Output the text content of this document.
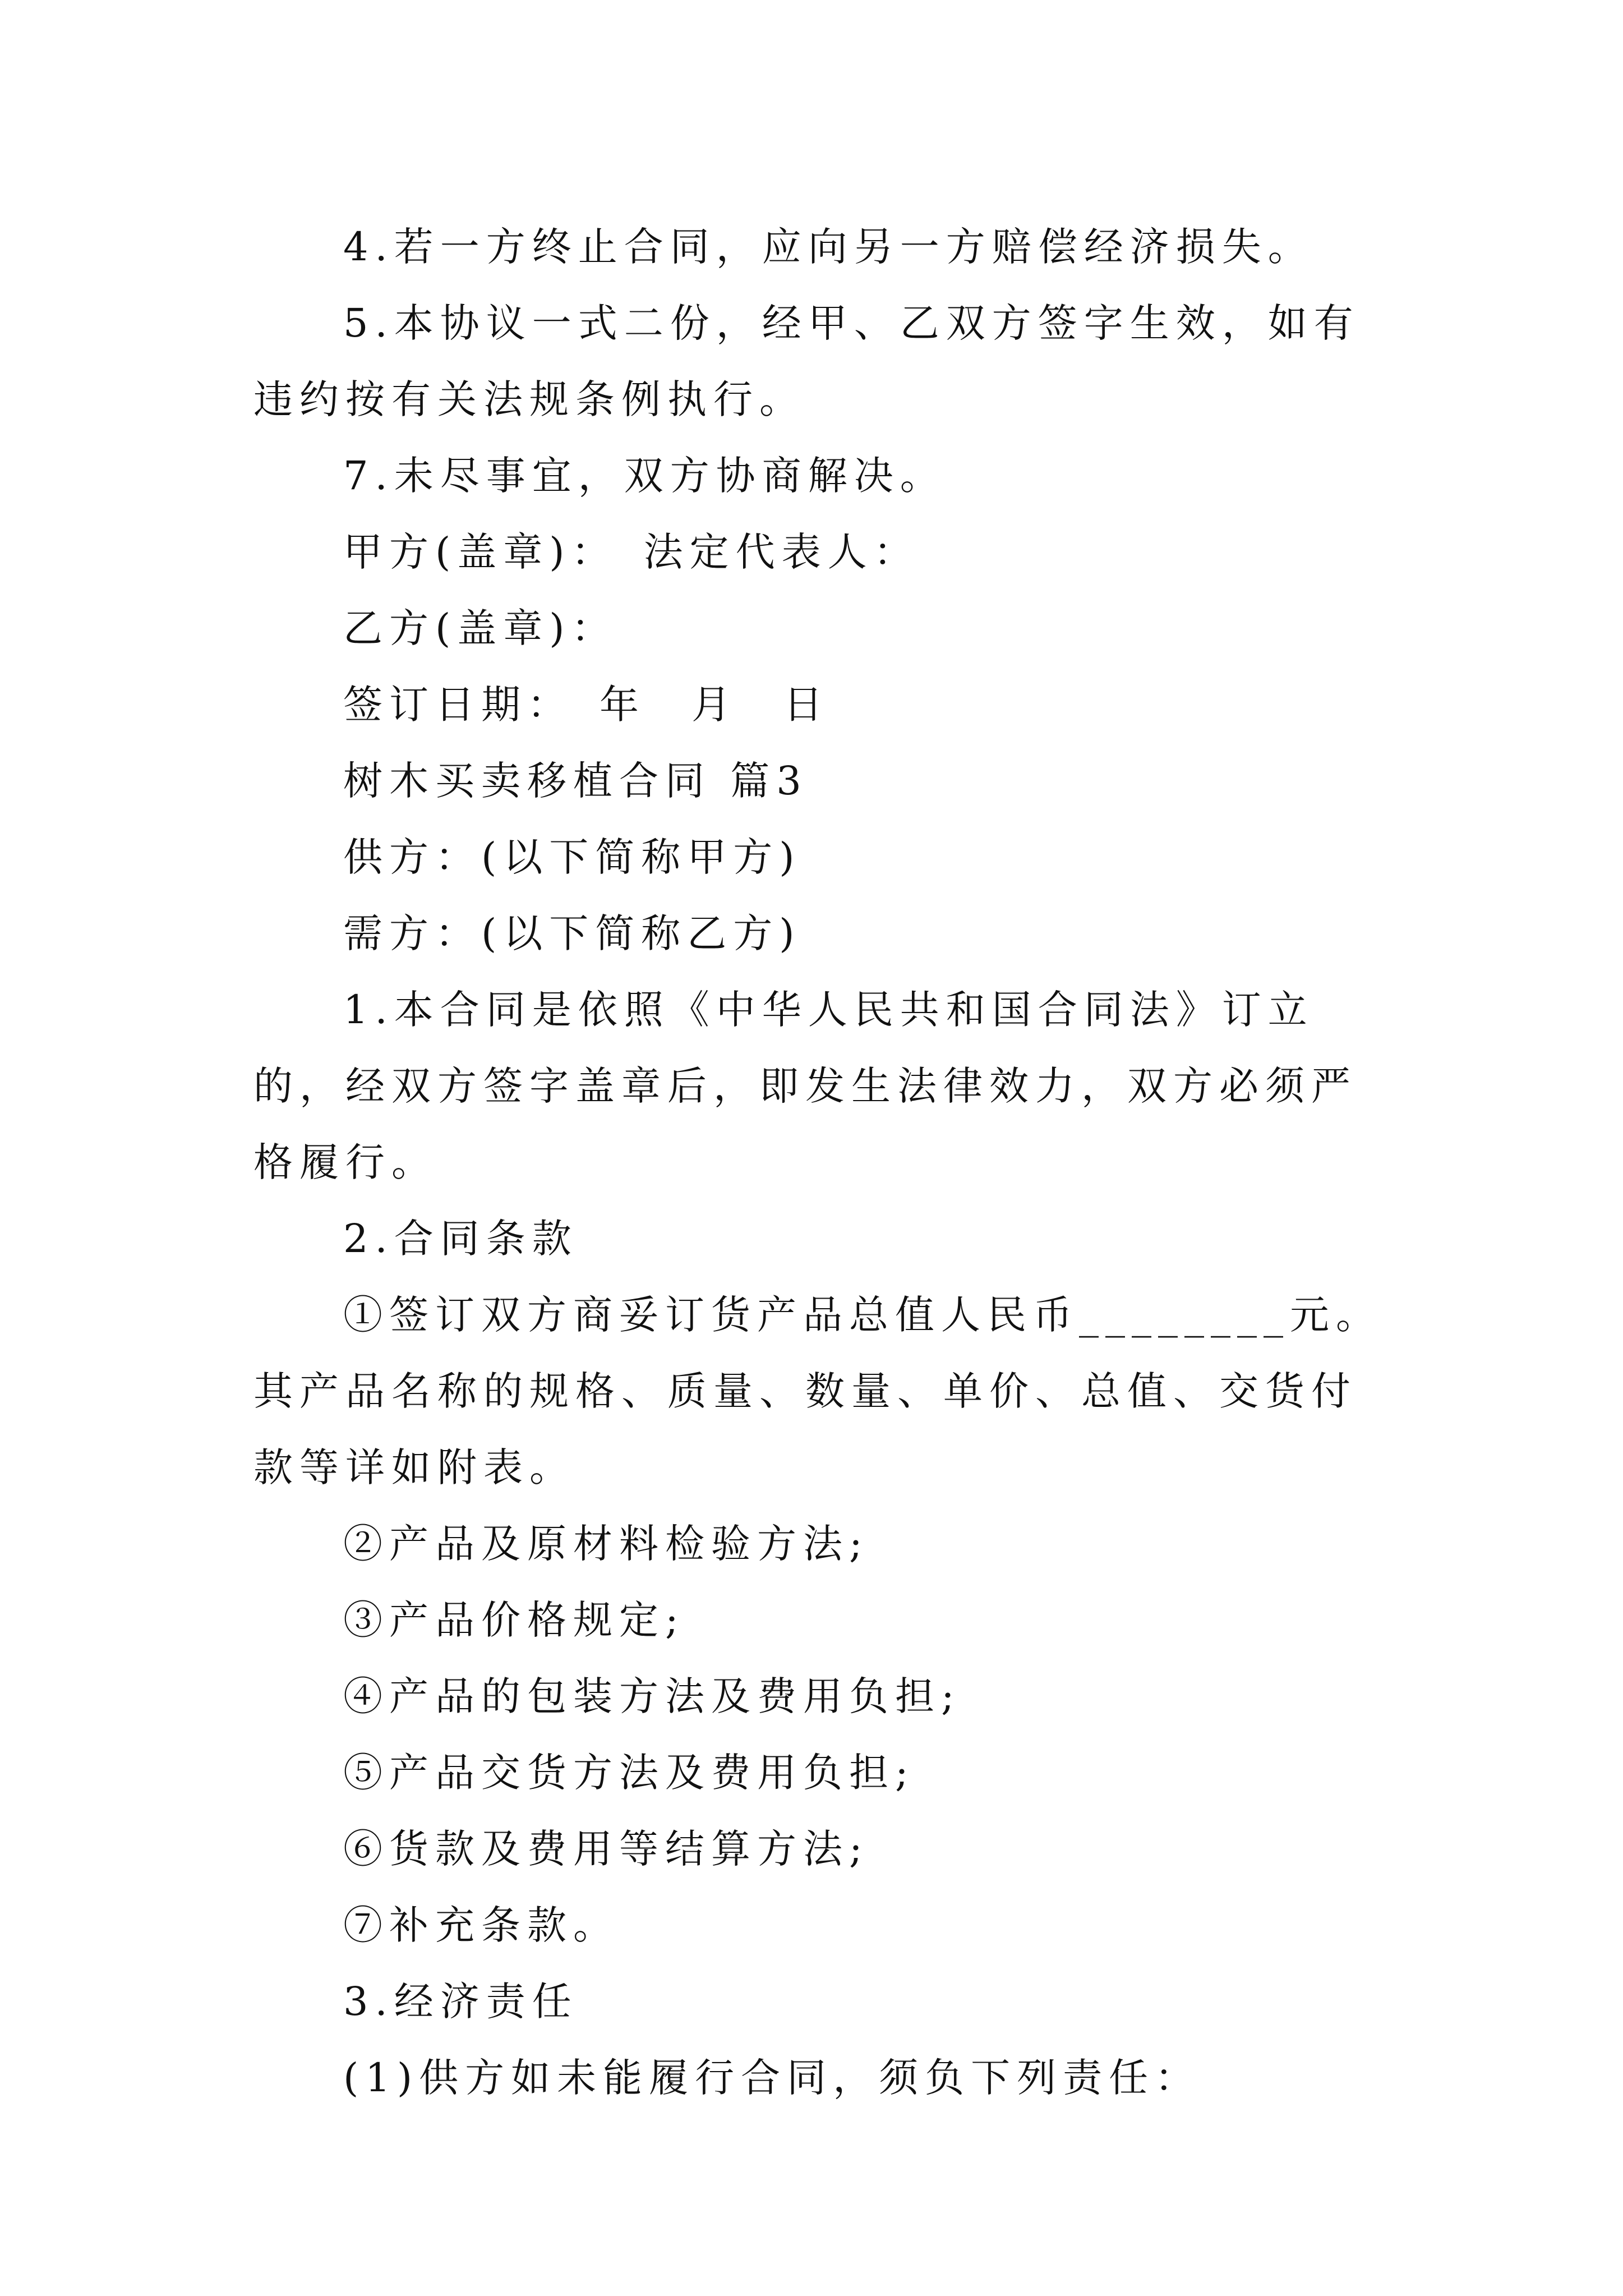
4.若一方终止合同，应向另一方赔偿经济损失。

5.本协议一式二份，经甲、乙双方签字生效，如有违约按有关法规条例执行。

7.未尽事宜，双方协商解决。

甲方(盖章)：　法定代表人：

乙方(盖章)：

签订日期：　年　月　日

树木买卖移植合同 篇3

供方：(以下简称甲方)

需方：(以下简称乙方)

1.本合同是依照《中华人民共和国合同法》订立的，经双方签字盖章后，即发生法律效力，双方必须严格履行。

2.合同条款

①签订双方商妥订货产品总值人民币________元。其产品名称的规格、质量、数量、单价、总值、交货付款等详如附表。

②产品及原材料检验方法;

③产品价格规定;

④产品的包装方法及费用负担;

⑤产品交货方法及费用负担;

⑥货款及费用等结算方法;

⑦补充条款。

3.经济责任

(1)供方如未能履行合同，须负下列责任：
